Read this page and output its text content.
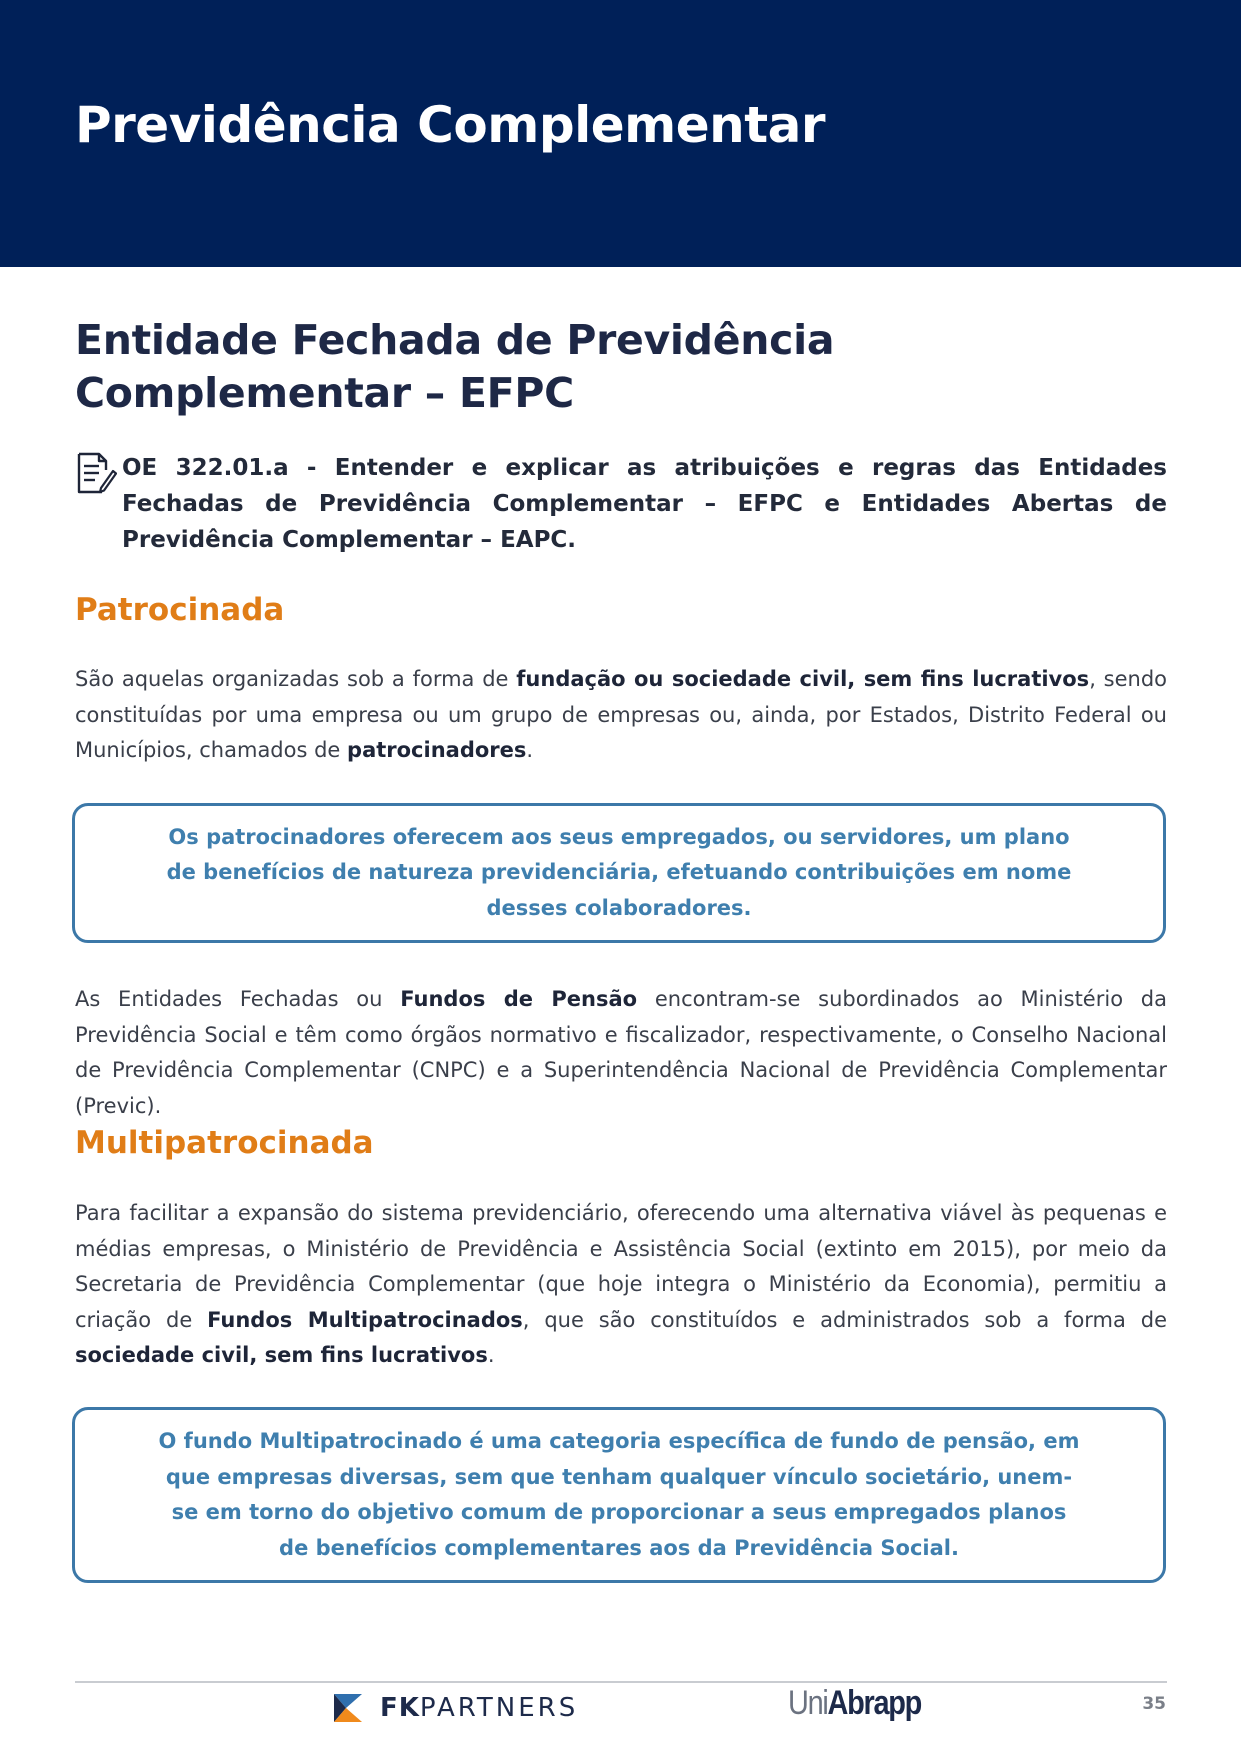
Previdência Complementar
Entidade Fechada de Previdência Complementar – EFPC

OE 322.01.a - Entender e explicar as atribuições e regras das Entidades Fechadas de Previdência Complementar – EFPC e Entidades Abertas de Previdência Complementar – EAPC.

Patrocinada

São aquelas organizadas sob a forma de fundação ou sociedade civil, sem fins lucrativos, sendo constituídas por uma empresa ou um grupo de empresas ou, ainda, por Estados, Distrito Federal ou Municípios, chamados de patrocinadores.

Os patrocinadores oferecem aos seus empregados, ou servidores, um plano de benefícios de natureza previdenciária, efetuando contribuições em nome desses colaboradores.

As Entidades Fechadas ou Fundos de Pensão encontram-se subordinados ao Ministério da Previdência Social e têm como órgãos normativo e fiscalizador, respectivamente, o Conselho Nacional de Previdência Complementar (CNPC) e a Superintendência Nacional de Previdência Complementar (Previc).

Multipatrocinada

Para facilitar a expansão do sistema previdenciário, oferecendo uma alternativa viável às pequenas e médias empresas, o Ministério de Previdência e Assistência Social (extinto em 2015), por meio da Secretaria de Previdência Complementar (que hoje integra o Ministério da Economia), permitiu a criação de Fundos Multipatrocinados, que são constituídos e administrados sob a forma de sociedade civil, sem fins lucrativos.

O fundo Multipatrocinado é uma categoria específica de fundo de pensão, em que empresas diversas, sem que tenham qualquer vínculo societário, unem-se em torno do objetivo comum de proporcionar a seus empregados planos de benefícios complementares aos da Previdência Social.

FKPARTNERS	UniAbrapp	35
